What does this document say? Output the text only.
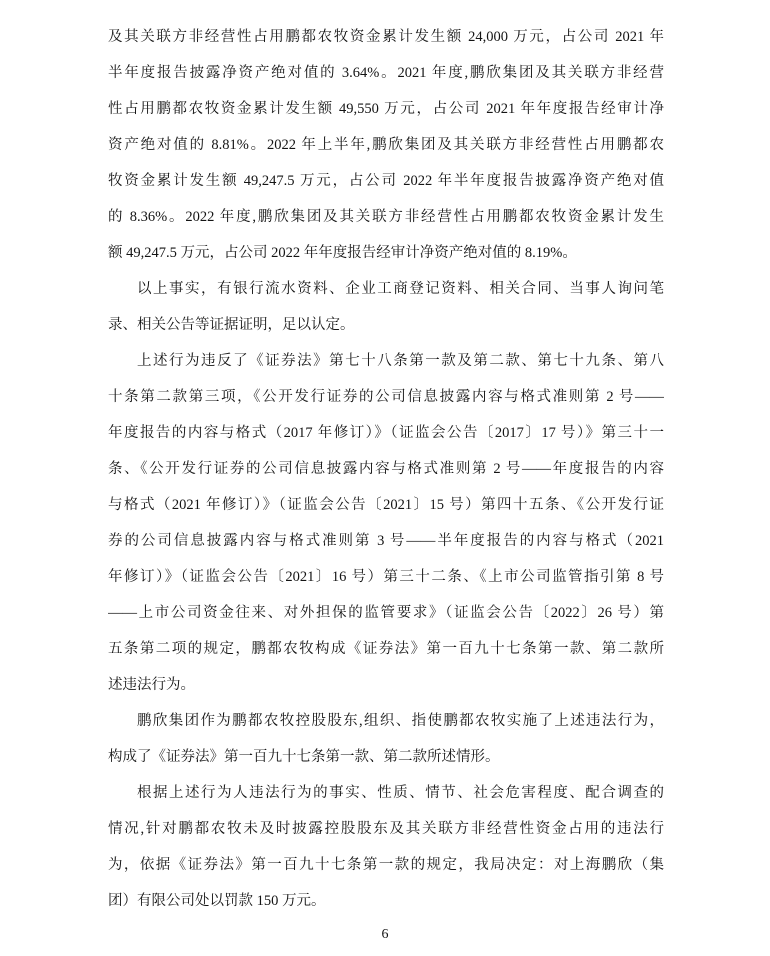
及其关联方非经营性占用鹏都农牧资金累计发生额 24,000 万元，占公司 2021 年
半年度报告披露净资产绝对值的 3.64%。2021 年度,鹏欣集团及其关联方非经营
性占用鹏都农牧资金累计发生额 49,550 万元，占公司 2021 年年度报告经审计净
资产绝对值的 8.81%。2022 年上半年,鹏欣集团及其关联方非经营性占用鹏都农
牧资金累计发生额 49,247.5 万元，占公司 2022 年半年度报告披露净资产绝对值
的 8.36%。2022 年度,鹏欣集团及其关联方非经营性占用鹏都农牧资金累计发生
额 49,247.5 万元，占公司 2022 年年度报告经审计净资产绝对值的 8.19%。
以上事实，有银行流水资料、企业工商登记资料、相关合同、当事人询问笔
录、相关公告等证据证明，足以认定。
上述行为违反了《证券法》第七十八条第一款及第二款、第七十九条、第八
十条第二款第三项，《公开发行证券的公司信息披露内容与格式准则第 2 号——
年度报告的内容与格式（2017 年修订）》（证监会公告〔2017〕17 号）》第三十一
条、《公开发行证券的公司信息披露内容与格式准则第 2 号——年度报告的内容
与格式（2021 年修订）》（证监会公告〔2021〕15 号）第四十五条、《公开发行证
券的公司信息披露内容与格式准则第 3 号——半年度报告的内容与格式（2021
年修订）》（证监会公告〔2021〕16 号）第三十二条、《上市公司监管指引第 8 号
——上市公司资金往来、对外担保的监管要求》（证监会公告〔2022〕26 号）第
五条第二项的规定，鹏都农牧构成《证券法》第一百九十七条第一款、第二款所
述违法行为。
鹏欣集团作为鹏都农牧控股股东,组织、指使鹏都农牧实施了上述违法行为，
构成了《证券法》第一百九十七条第一款、第二款所述情形。
根据上述行为人违法行为的事实、性质、情节、社会危害程度、配合调查的
情况,针对鹏都农牧未及时披露控股股东及其关联方非经营性资金占用的违法行
为，依据《证券法》第一百九十七条第一款的规定，我局决定：对上海鹏欣（集
团）有限公司处以罚款 150 万元。
6
